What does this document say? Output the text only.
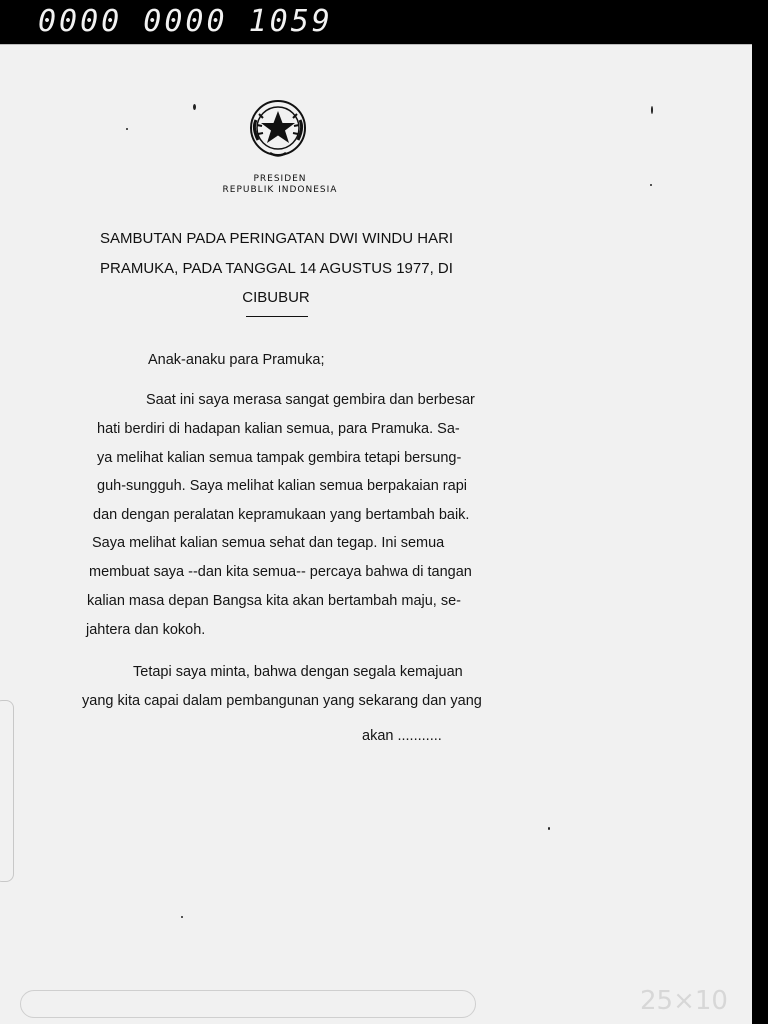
0000 0000 1059
PRESIDEN
REPUBLIK INDONESIA
SAMBUTAN PADA PERINGATAN DWI WINDU HARI
PRAMUKA, PADA TANGGAL 14 AGUSTUS 1977, DI
CIBUBUR
Anak-anaku para Pramuka;
Saat ini saya merasa sangat gembira dan berbesar
hati berdiri di hadapan kalian semua, para Pramuka. Sa-
ya melihat kalian semua tampak gembira tetapi bersung-
guh-sungguh. Saya melihat kalian semua berpakaian rapi
dan dengan peralatan kepramukaan yang bertambah baik.
Saya melihat kalian semua sehat dan tegap. Ini semua
membuat saya --dan kita semua-- percaya bahwa di tangan
kalian masa depan Bangsa kita akan bertambah maju, se-
jahtera dan kokoh.
Tetapi saya minta, bahwa dengan segala kemajuan
yang kita capai dalam pembangunan yang sekarang dan yang
akan ...........
25×10
